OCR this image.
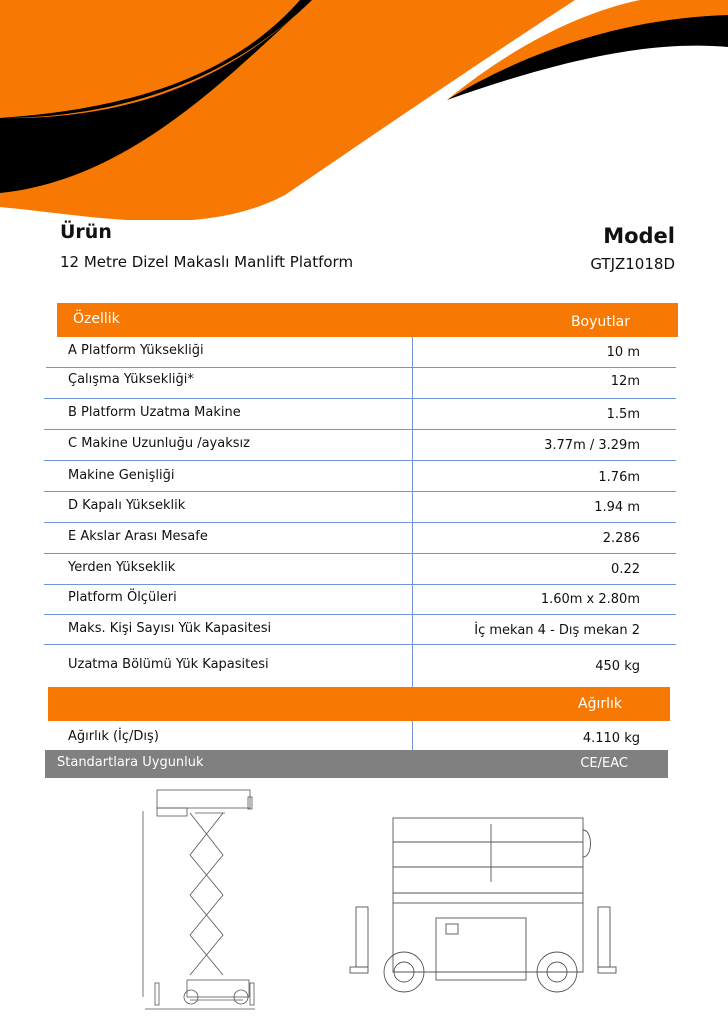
Ürün
12 Metre Dizel Makaslı Manlift Platform
Model
GTJZ1018D
Özellik	Boyutlar
A Platform Yüksekliği	10 m
Çalışma Yüksekliği*	12m
B Platform Uzatma Makine	1.5m
C Makine Uzunluğu /ayaksız	3.77m / 3.29m
Makine Genişliği	1.76m
D Kapalı Yükseklik	1.94 m
E Akslar Arası Mesafe	2.286
Yerden Yükseklik	0.22
Platform Ölçüleri	1.60m x 2.80m
Maks. Kişi Sayısı Yük Kapasitesi	İç mekan 4 - Dış mekan 2
Uzatma Bölümü Yük Kapasitesi	450 kg
Ağırlık
Ağırlık (İç/Dış)	4.110 kg
Standartlara Uygunluk	CE/EAC
